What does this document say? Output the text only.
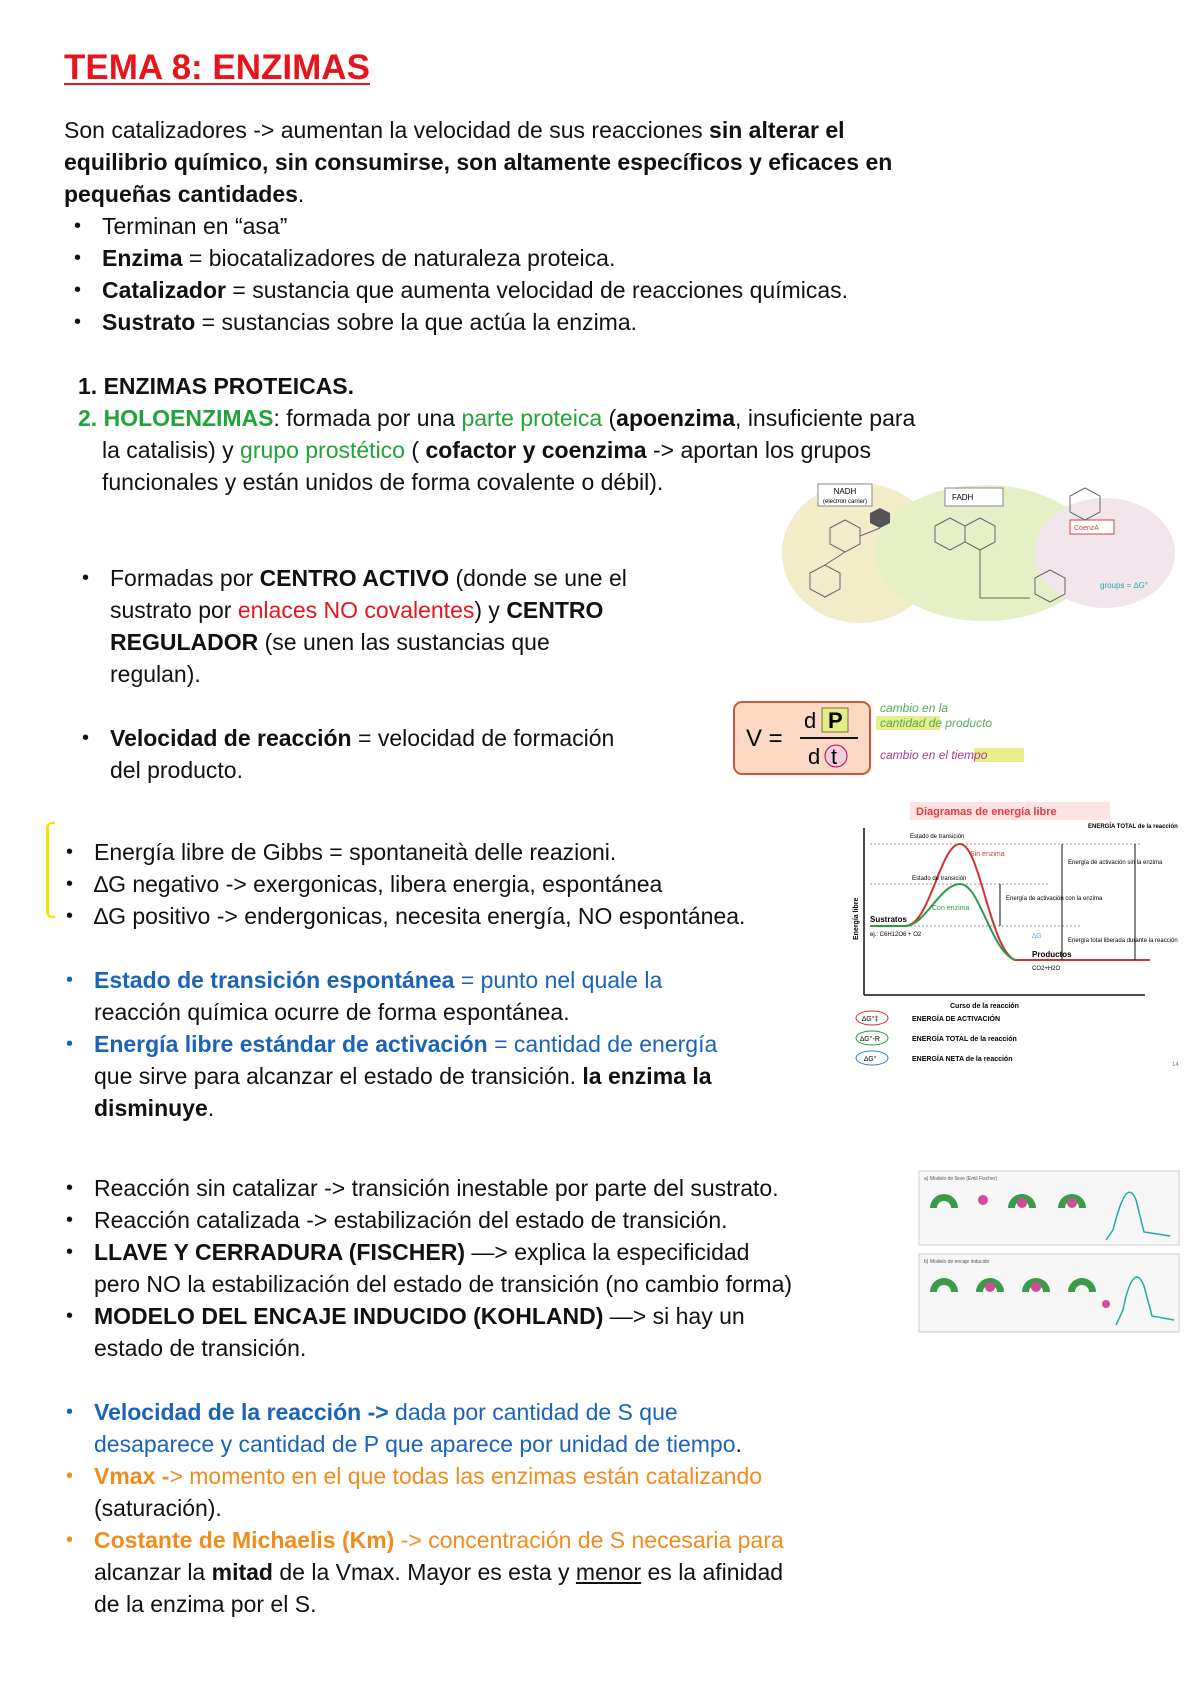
TEMA 8: ENZIMAS
Son catalizadores -> aumentan la velocidad de sus reacciones sin alterar el
equilibrio químico, sin consumirse, son altamente específicos y eficaces en
pequeñas cantidades.
• Terminan en “asa”
• Enzima = biocatalizadores de naturaleza proteica.
• Catalizador = sustancia que aumenta velocidad de reacciones químicas.
• Sustrato = sustancias sobre la que actúa la enzima.
1. ENZIMAS PROTEICAS.
2. HOLOENZIMAS: formada por una parte proteica (apoenzima, insuficiente para
la catalisis) y grupo prostético ( cofactor y coenzima -> aportan los grupos
funcionales y están unidos de forma covalente o débil).	NADH
(electron carrier)	FADH
CoenzA
groups = ∆G°
• Formadas por CENTRO ACTIVO (donde se une el
sustrato por enlaces NO covalentes) y CENTRO
REGULADOR (se unen las sustancias que
regulan).
• Velocidad de reacción = velocidad de formación
del producto.
V =
d P
d t
cambio en la
cantidad de producto
cambio en el tiempo
• Energía libre de Gibbs = spontaneità delle reazioni.
• ∆G negativo -> exergonicas, libera energia, espontánea
• ∆G positivo -> endergonicas, necesita energía, NO espontánea.
Diagramas de energía libre
Energía libre
Curso de la reacción
Estado de transición
Sin enzima
Estado de transición
Con enzima
Sustratos
ej.: C6H12O6 + O2
Productos
CO2+H2O
Energía de activación con la enzima
Energía de activación sin la enzima
Energía total liberada durante la reacción
∆G
ENERGÍA TOTAL de la reacción
∆G°‡	ENERGÍA DE ACTIVACIÓN
∆G°-R	ENERGÍA TOTAL de la reacción
∆G°	ENERGÍA NETA de la reacción
14
• Estado de transición espontánea = punto nel quale la
reacción química ocurre de forma espontánea.
• Energía libre estándar de activación = cantidad de energía
que sirve para alcanzar el estado de transición. la enzima la
disminuye.
• Reacción sin catalizar -> transición inestable por parte del sustrato.
• Reacción catalizada -> estabilización del estado de transición.
• LLAVE Y CERRADURA (FISCHER) —> explica la especificidad
pero NO la estabilización del estado de transición (no cambio forma)
• MODELO DEL ENCAJE INDUCIDO (KOHLAND) —> si hay un
estado de transición.
a) Modelo de llave (Emil Fischer)
b) Modelo de encaje inducido
• Velocidad de la reacción -> dada por cantidad de S que
desaparece y cantidad de P que aparece por unidad de tiempo.
• Vmax -> momento en el que todas las enzimas están catalizando
(saturación).
• Costante de Michaelis (Km) -> concentración de S necesaria para
alcanzar la mitad de la Vmax. Mayor es esta y menor es la afinidad
de la enzima por el S.
